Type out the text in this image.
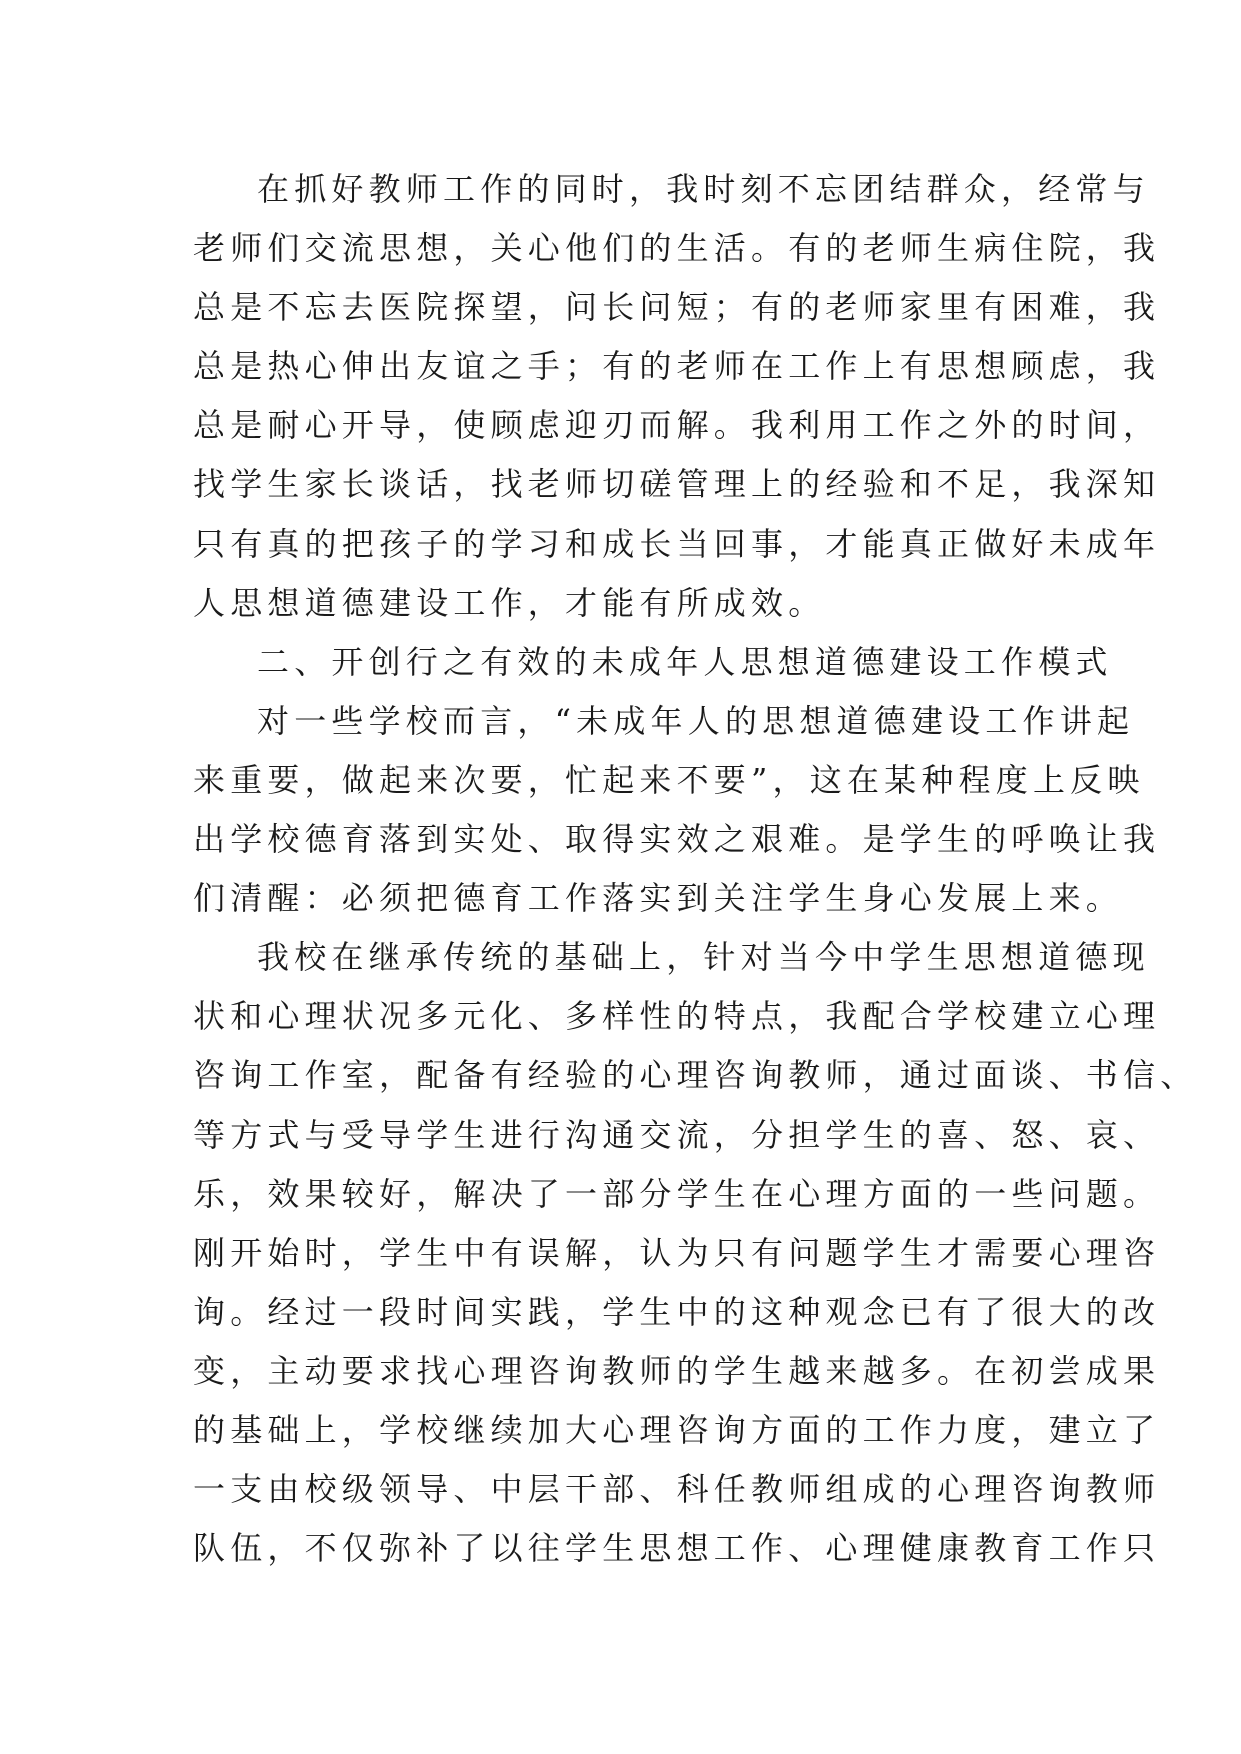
在抓好教师工作的同时，我时刻不忘团结群众，经常与
老师们交流思想，关心他们的生活。有的老师生病住院，我
总是不忘去医院探望，问长问短；有的老师家里有困难，我
总是热心伸出友谊之手；有的老师在工作上有思想顾虑，我
总是耐心开导，使顾虑迎刃而解。我利用工作之外的时间，
找学生家长谈话，找老师切磋管理上的经验和不足，我深知
只有真的把孩子的学习和成长当回事，才能真正做好未成年
人思想道德建设工作，才能有所成效。
二、开创行之有效的未成年人思想道德建设工作模式
对一些学校而言，“未成年人的思想道德建设工作讲起
来重要，做起来次要，忙起来不要”，这在某种程度上反映
出学校德育落到实处、取得实效之艰难。是学生的呼唤让我
们清醒：必须把德育工作落实到关注学生身心发展上来。
我校在继承传统的基础上，针对当今中学生思想道德现
状和心理状况多元化、多样性的特点，我配合学校建立心理
咨询工作室，配备有经验的心理咨询教师，通过面谈、书信、
等方式与受导学生进行沟通交流，分担学生的喜、怒、哀、
乐，效果较好，解决了一部分学生在心理方面的一些问题。
刚开始时，学生中有误解，认为只有问题学生才需要心理咨
询。经过一段时间实践，学生中的这种观念已有了很大的改
变，主动要求找心理咨询教师的学生越来越多。在初尝成果
的基础上，学校继续加大心理咨询方面的工作力度，建立了
一支由校级领导、中层干部、科任教师组成的心理咨询教师
队伍，不仅弥补了以往学生思想工作、心理健康教育工作只
